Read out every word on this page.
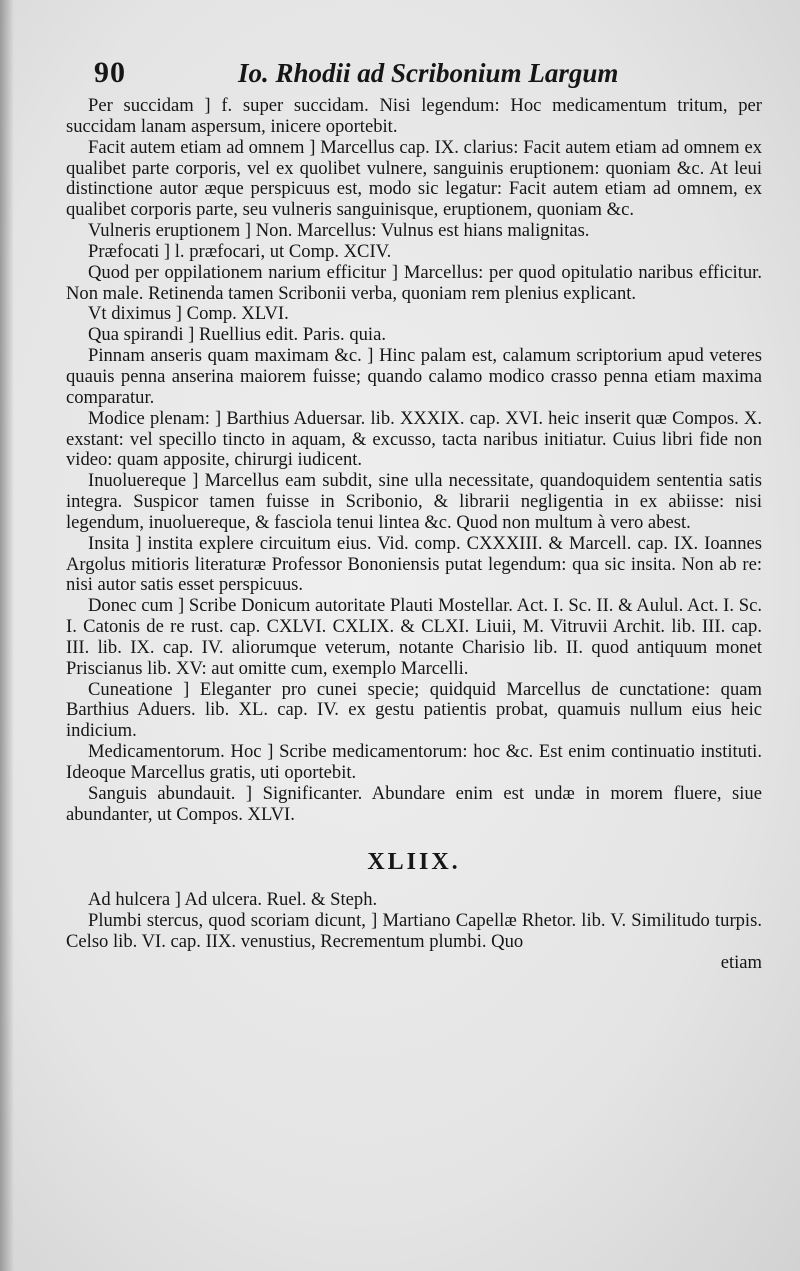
90	Io. Rhodii ad Scribonium Largum

Per succidam ] f. super succidam. Nisi legendum: Hoc medicamentum tritum, per succidam lanam aspersum, inicere oportebit.

Facit autem etiam ad omnem ] Marcellus cap. IX. clarius: Facit autem etiam ad omnem ex qualibet parte corporis, vel ex quolibet vulnere, sanguinis eruptionem: quoniam &c. At leui distinctione autor æque perspicuus est, modo sic legatur: Facit autem etiam ad omnem, ex qualibet corporis parte, seu vulneris sanguinisque, eruptionem, quoniam &c.

Vulneris eruptionem ] Non. Marcellus: Vulnus est hians malignitas.

Præfocati ] l. præfocari, ut Comp. XCIV.

Quod per oppilationem narium efficitur ] Marcellus: per quod opitulatio naribus efficitur. Non male. Retinenda tamen Scribonii verba, quoniam rem plenius explicant.

Vt diximus ] Comp. XLVI.

Qua spirandi ] Ruellius edit. Paris. quia.

Pinnam anseris quam maximam &c. ] Hinc palam est, calamum scriptorium apud veteres quauis penna anserina maiorem fuisse; quando calamo modico crasso penna etiam maxima comparatur.

Modice plenam: ] Barthius Aduersar. lib. XXXIX. cap. XVI. heic inserit quæ Compos. X. exstant: vel specillo tincto in aquam, & excusso, tacta naribus initiatur. Cuius libri fide non video: quam apposite, chirurgi iudicent.

Inuoluereque ] Marcellus eam subdit, sine ulla necessitate, quandoquidem sententia satis integra. Suspicor tamen fuisse in Scribonio, & librarii negligentia in ex abiisse: nisi legendum, inuoluereque, & fasciola tenui lintea &c. Quod non multum à vero abest.

Insita ] instita explere circuitum eius. Vid. comp. CXXXIII. & Marcell. cap. IX. Ioannes Argolus mitioris literaturæ Professor Bononiensis putat legendum: qua sic insita. Non ab re: nisi autor satis esset perspicuus.

Donec cum ] Scribe Donicum autoritate Plauti Mostellar. Act. I. Sc. II. & Aulul. Act. I. Sc. I. Catonis de re rust. cap. CXLVI. CXLIX. & CLXI. Liuii, M. Vitruvii Archit. lib. III. cap. III. lib. IX. cap. IV. aliorumque veterum, notante Charisio lib. II. quod antiquum monet Priscianus lib. XV: aut omitte cum, exemplo Marcelli.

Cuneatione ] Eleganter pro cunei specie; quidquid Marcellus de cunctatione: quam Barthius Aduers. lib. XL. cap. IV. ex gestu patientis probat, quamuis nullum eius heic indicium.

Medicamentorum. Hoc ] Scribe medicamentorum: hoc &c. Est enim continuatio instituti. Ideoque Marcellus gratis, uti oportebit.

Sanguis abundauit. ] Significanter. Abundare enim est undæ in morem fluere, siue abundanter, ut Compos. XLVI.

XLIIX.

Ad hulcera ] Ad ulcera. Ruel. & Steph.

Plumbi stercus, quod scoriam dicunt, ] Martiano Capellæ Rhetor. lib. V. Similitudo turpis. Celso lib. VI. cap. IIX. venustius, Recrementum plumbi. Quo

etiam
